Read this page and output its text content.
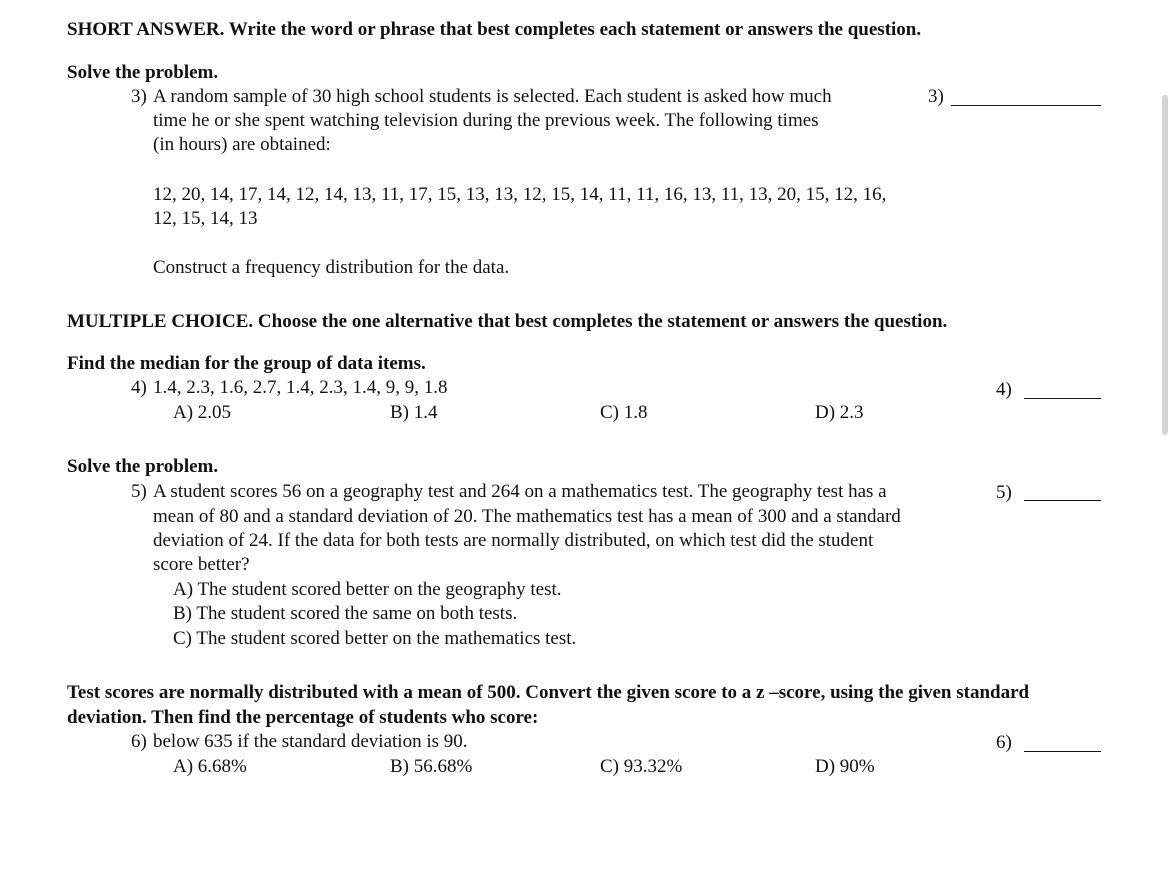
SHORT ANSWER. Write the word or phrase that best completes each statement or answers the question.
Solve the problem.
3) A random sample of 30 high school students is selected. Each student is asked how much
time he or she spent watching television during the previous week. The following times
(in hours) are obtained:
3)
12, 20, 14, 17, 14, 12, 14, 13, 11, 17, 15, 13, 13, 12, 15, 14, 11, 11, 16, 13, 11, 13, 20, 15, 12, 16,
12, 15, 14, 13
Construct a frequency distribution for the data.
MULTIPLE CHOICE. Choose the one alternative that best completes the statement or answers the question.
Find the median for the group of data items.
4) 1.4, 2.3, 1.6, 2.7, 1.4, 2.3, 1.4, 9, 9, 1.8	4)
A) 2.05	B) 1.4	C) 1.8	D) 2.3
Solve the problem.
5) A student scores 56 on a geography test and 264 on a mathematics test. The geography test has a
mean of 80 and a standard deviation of 20. The mathematics test has a mean of 300 and a standard
deviation of 24. If the data for both tests are normally distributed, on which test did the student
score better?
5)
A) The student scored better on the geography test.
B) The student scored the same on both tests.
C) The student scored better on the mathematics test.
Test scores are normally distributed with a mean of 500. Convert the given score to a z –score, using the given standard
deviation. Then find the percentage of students who score:
6) below 635 if the standard deviation is 90.	6)
A) 6.68%	B) 56.68%	C) 93.32%	D) 90%
